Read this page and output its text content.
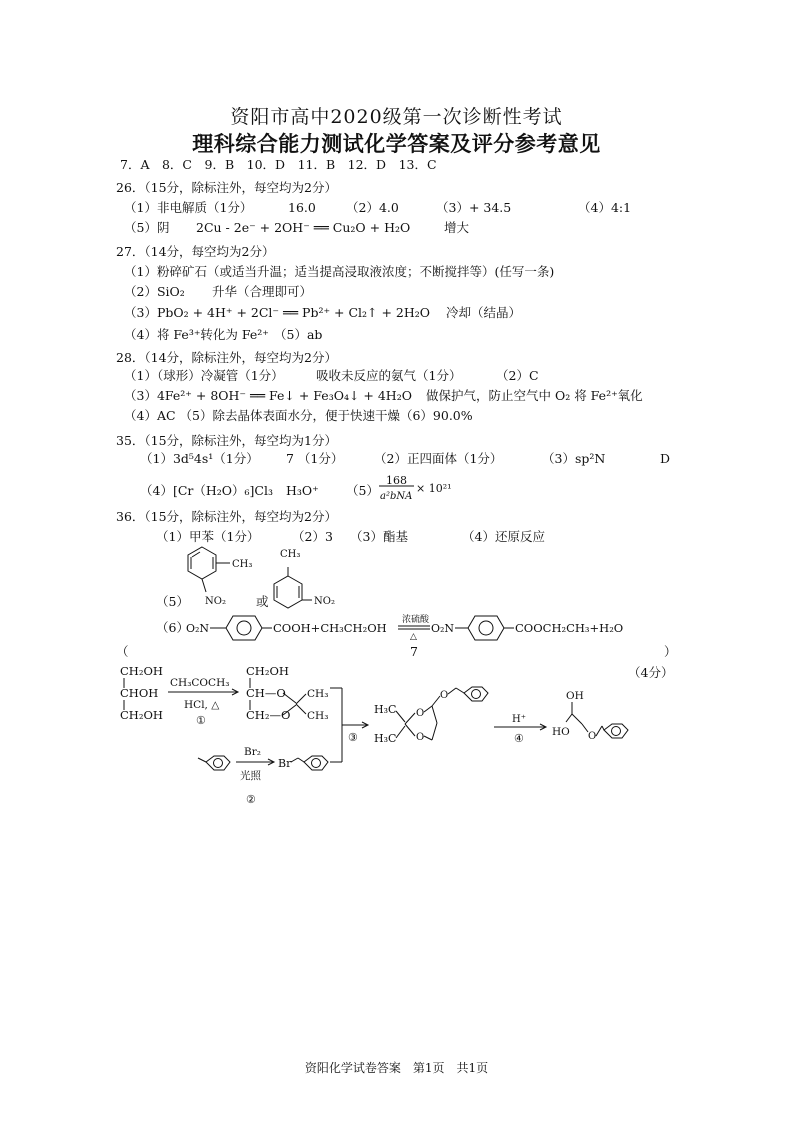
资阳市高中2020级第一次诊断性考试
理科综合能力测试化学答案及评分参考意见
7．A　8．C　9．B　10．D　11．B　12．D　13．C
26．（15分，除标注外，每空均为2分）
（1）非电解质（1分）	16.0 （2）4.0	（3）+ 34.5	（4）4:1
（5）阴 2Cu - 2e⁻ + 2OH⁻ ══ Cu₂O + H₂O	增大
27．（14分，每空均为2分）
（1）粉碎矿石（或适当升温；适当提高浸取液浓度；不断搅拌等）(任写一条)
（2）SiO₂ 升华（合理即可）
（3）PbO₂ + 4H⁺ + 2Cl⁻ ══ Pb²⁺ + Cl₂↑ + 2H₂O 冷却（结晶）
（4）将 Fe³⁺转化为 Fe²⁺ （5）ab
28．（14分，除标注外，每空均为2分）
（1）（球形）冷凝管（1分）	吸收未反应的氨气（1分）	（2）C
（3）4Fe²⁺ + 8OH⁻ ══ Fe↓ + Fe₃O₄↓ + 4H₂O 做保护气，防止空气中 O₂ 将 Fe²⁺氧化
（4）AC （5）除去晶体表面水分，便于快速干燥（6）90.0%
35．（15分，除标注外，每空均为1分）
（1）3d⁵4s¹（1分） 7 （1分） （2）正四面体（1分）	（3）sp²N	D
（4）[Cr（H₂O）₆]Cl₃ H₃O⁺ （5）
168
a²bNA
× 10²¹
36．（15分，除标注外，每空均为2分）
（1）甲苯（1分）	（2）3 （3）酯基	（4）还原反应
（5）	或
（6）
（	7	）
（4分）
CH₃
NO₂
CH₃
NO₂
O₂N	COOH+CH₃CH₂OH
浓硫酸
△
O₂N	COOCH₂CH₃+H₂O
CH₂OH
CHOH
CH₂OH
CH₃COCH₃
HCl, △
①
CH₂OH
CH—O
CH₂—O
CH₃
CH₃
③
Br₂
光照
②
Br
H₃C
H₃C
O
O
O
H⁺
④
OH
HO O
资阳化学试卷答案　第1页　共1页
